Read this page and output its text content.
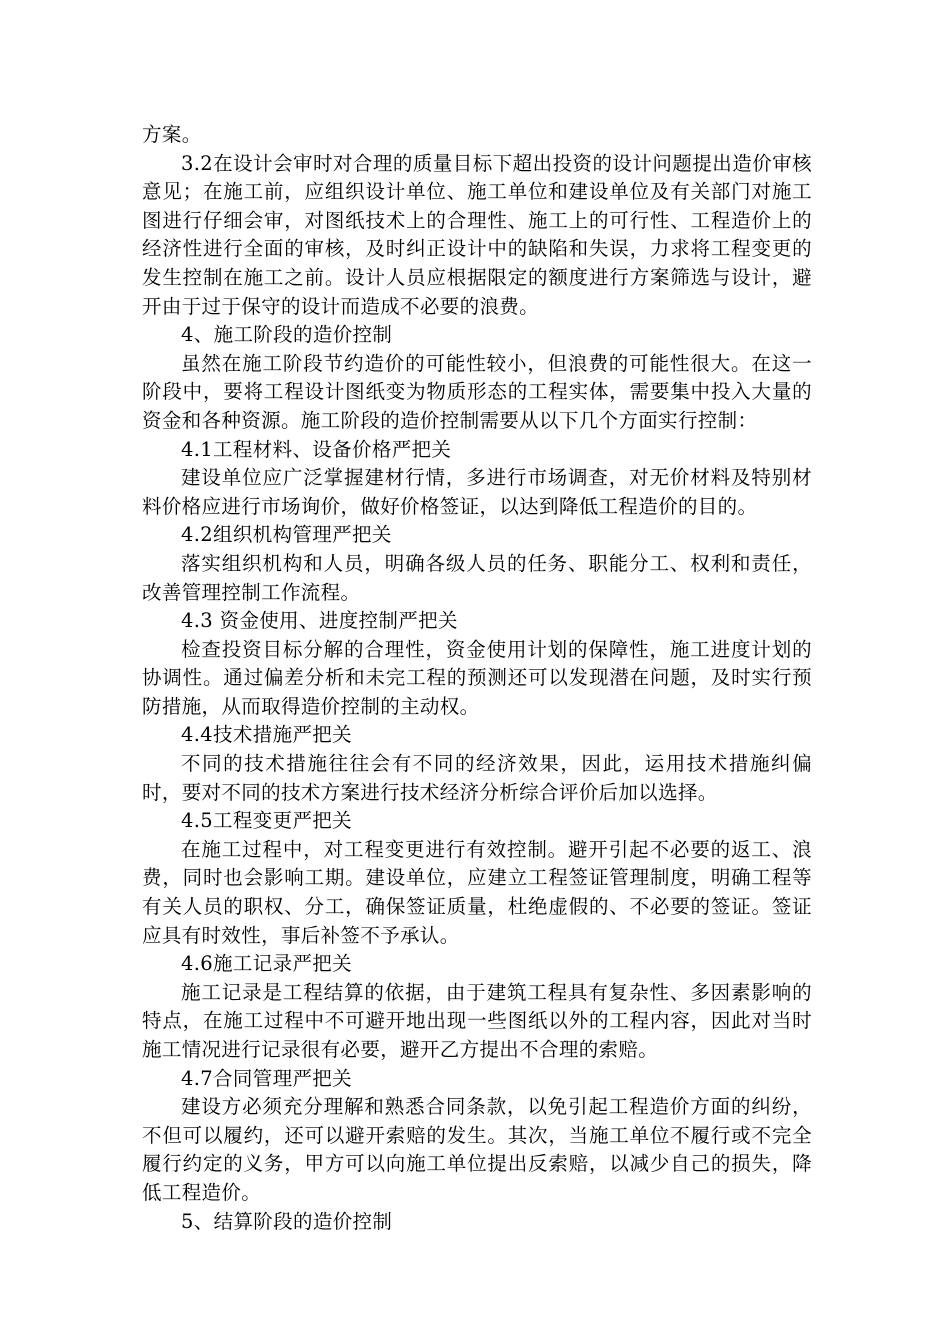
方案。

3.2在设计会审时对合理的质量目标下超出投资的设计问题提出造价审核意见；在施工前，应组织设计单位、施工单位和建设单位及有关部门对施工图进行仔细会审，对图纸技术上的合理性、施工上的可行性、工程造价上的经济性进行全面的审核，及时纠正设计中的缺陷和失误，力求将工程变更的发生控制在施工之前。设计人员应根据限定的额度进行方案筛选与设计，避开由于过于保守的设计而造成不必要的浪费。

4、施工阶段的造价控制

虽然在施工阶段节约造价的可能性较小，但浪费的可能性很大。在这一阶段中，要将工程设计图纸变为物质形态的工程实体，需要集中投入大量的资金和各种资源。施工阶段的造价控制需要从以下几个方面实行控制：

4.1工程材料、设备价格严把关

建设单位应广泛掌握建材行情，多进行市场调查，对无价材料及特别材料价格应进行市场询价，做好价格签证，以达到降低工程造价的目的。

4.2组织机构管理严把关

落实组织机构和人员，明确各级人员的任务、职能分工、权利和责任，改善管理控制工作流程。

4.3 资金使用、进度控制严把关

检查投资目标分解的合理性，资金使用计划的保障性，施工进度计划的协调性。通过偏差分析和未完工程的预测还可以发现潜在问题，及时实行预防措施，从而取得造价控制的主动权。

4.4技术措施严把关

不同的技术措施往往会有不同的经济效果，因此，运用技术措施纠偏时，要对不同的技术方案进行技术经济分析综合评价后加以选择。

4.5工程变更严把关

在施工过程中，对工程变更进行有效控制。避开引起不必要的返工、浪费，同时也会影响工期。建设单位，应建立工程签证管理制度，明确工程等有关人员的职权、分工，确保签证质量，杜绝虚假的、不必要的签证。签证应具有时效性，事后补签不予承认。

4.6施工记录严把关

施工记录是工程结算的依据，由于建筑工程具有复杂性、多因素影响的特点，在施工过程中不可避开地出现一些图纸以外的工程内容，因此对当时施工情况进行记录很有必要，避开乙方提出不合理的索赔。

4.7合同管理严把关

建设方必须充分理解和熟悉合同条款，以免引起工程造价方面的纠纷，不但可以履约，还可以避开索赔的发生。其次，当施工单位不履行或不完全履行约定的义务，甲方可以向施工单位提出反索赔，以减少自己的损失，降低工程造价。

5、结算阶段的造价控制
